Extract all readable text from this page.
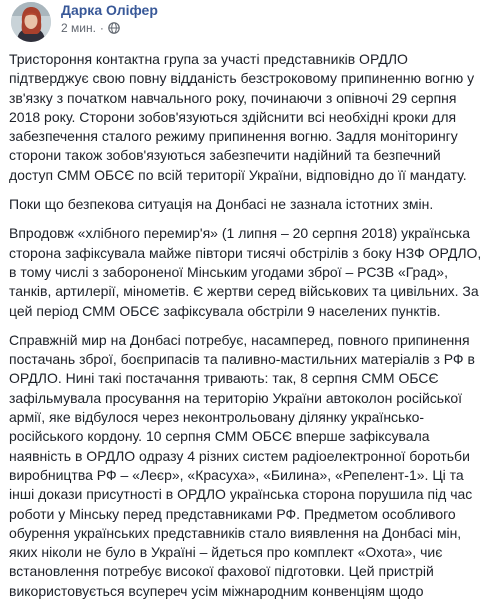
Дарка Оліфер
2 мин. ·

Тристороння контактна група за участі представників ОРДЛО підтверджує свою повну відданість безстроковому припиненню вогню у зв'язку з початком навчального року, починаючи з опівночі 29 серпня 2018 року. Сторони зобов'язуються здійснити всі необхідні кроки для забезпечення сталого режиму припинення вогню. Задля моніторингу сторони також зобов'язуються забезпечити надійний та безпечний доступ СММ ОБСЄ по всій території України, відповідно до її мандату.

Поки що безпекова ситуація на Донбасі не зазнала істотних змін.

Впродовж «хлібного перемир'я» (1 липня – 20 серпня 2018) українська сторона зафіксувала майже півтори тисячі обстрілів з боку НЗФ ОРДЛО, в тому числі з забороненої Мінським угодами зброї – РСЗВ «Град», танків, артилерії, мінометів. Є жертви серед військових та цивільних. За цей період СММ ОБСЄ зафіксувала обстріли 9 населених пунктів.

Справжній мир на Донбасі потребує, насамперед, повного припинення постачань зброї, боєприпасів та паливно-мастильних матеріалів з РФ в ОРДЛО. Нині такі постачання тривають: так, 8 серпня СММ ОБСЄ зафільмувала просування на територію України автоколон російської армії, яке відбулося через неконтрольовану ділянку українсько-російського кордону. 10 серпня СММ ОБСЄ вперше зафіксувала наявність в ОРДЛО одразу 4 різних систем радіоелектронної боротьби виробництва РФ – «Леєр», «Красуха», «Билина», «Репелент-1». Ці та інші докази присутності в ОРДЛО українська сторона порушила під час роботи у Мінську перед представниками РФ. Предметом особливого обурення українських представників стало виявлення на Донбасі мін, яких ніколи не було в Україні – йдеться про комплект «Охота», чиє встановлення потребує високої фахової підготовки. Цей пристрій використовується всупереч усім міжнародним конвенціям щодо
